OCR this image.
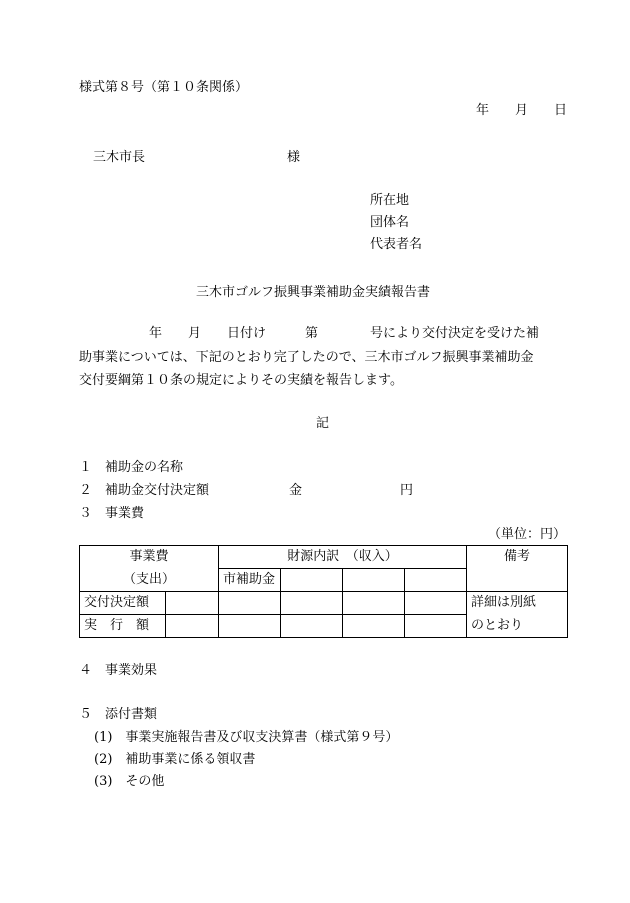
様式第８号（第１０条関係）
年　　月　　日
三木市長	様
所在地
団体名
代表者名
三木市ゴルフ振興事業補助金実績報告書
年　　月　　日付け　　　第　　　　号により交付決定を受けた補
助事業については、下記のとおり完了したので、三木市ゴルフ振興事業補助金
交付要綱第１０条の規定によりその実績を報告します。
記
１　補助金の名称
２　補助金交付決定額	金	円
３　事業費
（単位：円）
事業費		財源内訳　（収入）				備考
（支出）		市補助金				
交付決定額						詳細は別紙
実　行　額						のとおり
４　事業効果
５　添付書類
(1)　事業実施報告書及び収支決算書（様式第９号）
(2)　補助事業に係る領収書
(3)　その他
